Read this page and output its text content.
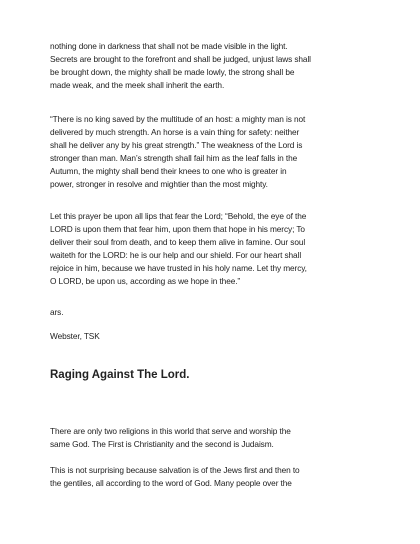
nothing done in darkness that shall not be made visible in the light.
Secrets are brought to the forefront and shall be judged, unjust laws shall
be brought down, the mighty shall be made lowly, the strong shall be
made weak, and the meek shall inherit the earth.

“There is no king saved by the multitude of an host: a mighty man is not
delivered by much strength. An horse is a vain thing for safety: neither
shall he deliver any by his great strength.” The weakness of the Lord is
stronger than man. Man’s strength shall fail him as the leaf falls in the
Autumn, the mighty shall bend their knees to one who is greater in
power, stronger in resolve and mightier than the most mighty.

Let this prayer be upon all lips that fear the Lord; “Behold, the eye of the
LORD is upon them that fear him, upon them that hope in his mercy; To
deliver their soul from death, and to keep them alive in famine. Our soul
waiteth for the LORD: he is our help and our shield. For our heart shall
rejoice in him, because we have trusted in his holy name. Let thy mercy,
O LORD, be upon us, according as we hope in thee.”

ars.

Webster, TSK

Raging Against The Lord.

There are only two religions in this world that serve and worship the
same God. The First is Christianity and the second is Judaism.

This is not surprising because salvation is of the Jews first and then to
the gentiles, all according to the word of God. Many people over the
